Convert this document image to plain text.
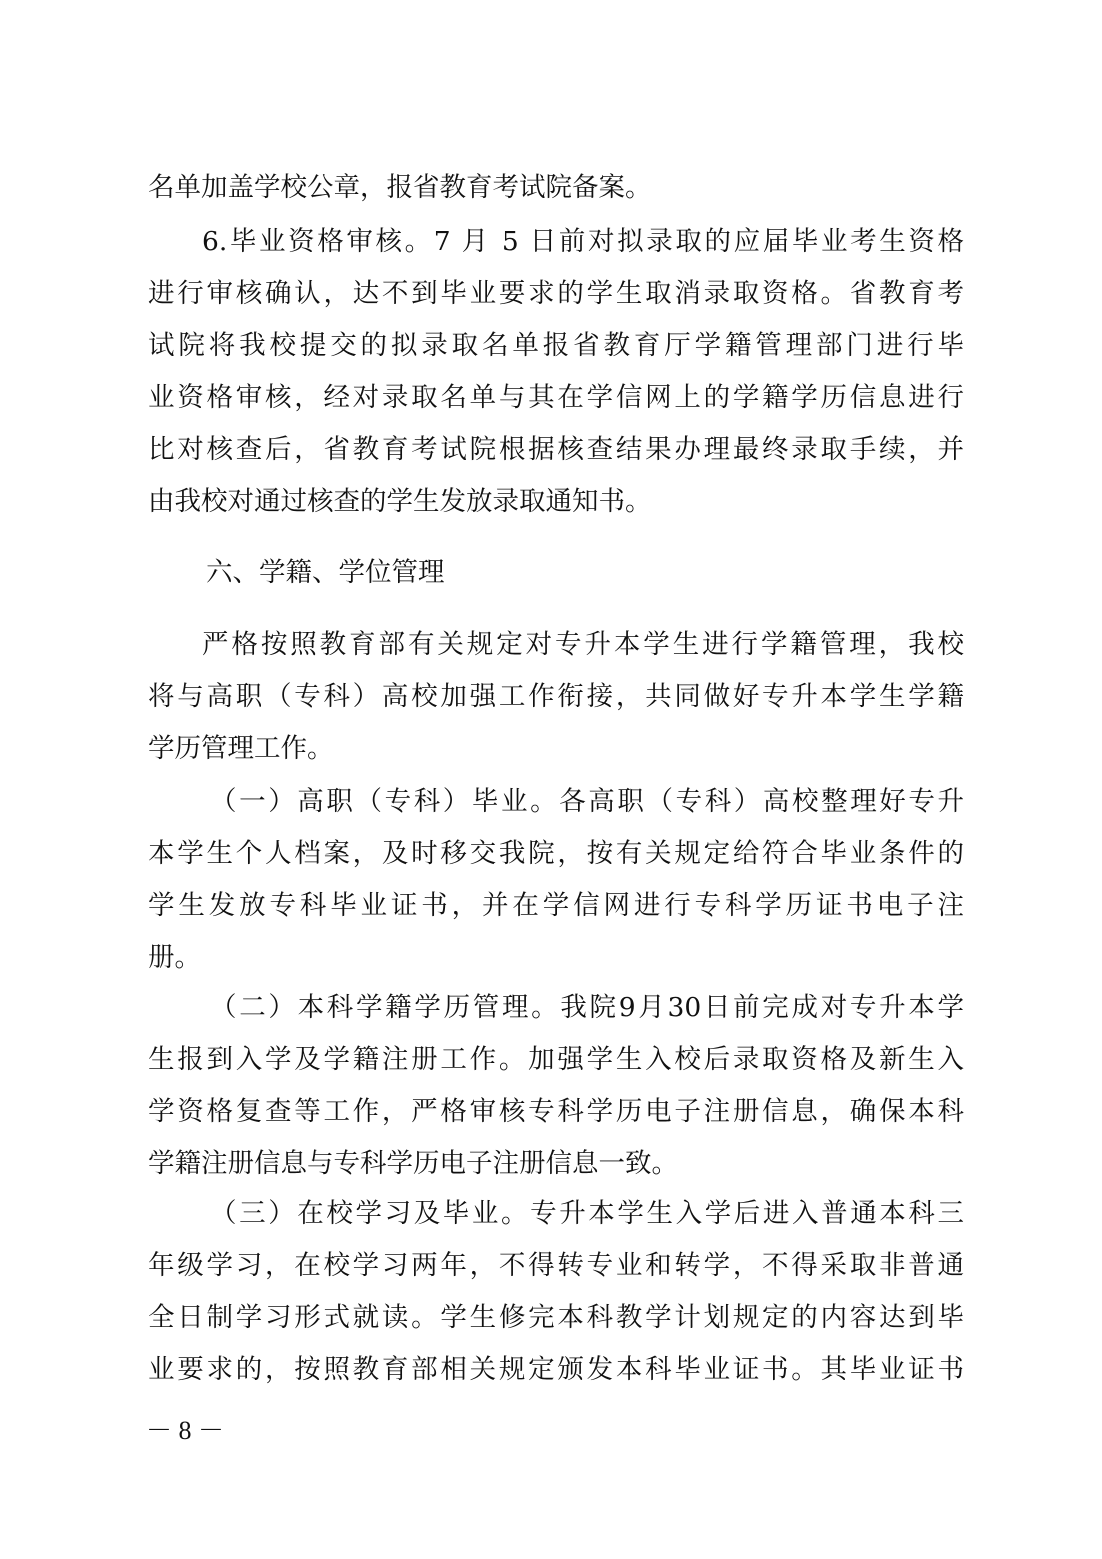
名单加盖学校公章，报省教育考试院备案。
6.毕业资格审核。7 月 5 日前对拟录取的应届毕业考生资格
进行审核确认，达不到毕业要求的学生取消录取资格。省教育考
试院将我校提交的拟录取名单报省教育厅学籍管理部门进行毕
业资格审核，经对录取名单与其在学信网上的学籍学历信息进行
比对核查后，省教育考试院根据核查结果办理最终录取手续，并
由我校对通过核查的学生发放录取通知书。
六、学籍、学位管理
严格按照教育部有关规定对专升本学生进行学籍管理，我校
将与高职（专科）高校加强工作衔接，共同做好专升本学生学籍
学历管理工作。
（一）高职（专科）毕业。各高职（专科）高校整理好专升
本学生个人档案，及时移交我院，按有关规定给符合毕业条件的
学生发放专科毕业证书，并在学信网进行专科学历证书电子注
册。
（二）本科学籍学历管理。我院9月30日前完成对专升本学
生报到入学及学籍注册工作。加强学生入校后录取资格及新生入
学资格复查等工作，严格审核专科学历电子注册信息，确保本科
学籍注册信息与专科学历电子注册信息一致。
（三）在校学习及毕业。专升本学生入学后进入普通本科三
年级学习，在校学习两年，不得转专业和转学，不得采取非普通
全日制学习形式就读。学生修完本科教学计划规定的内容达到毕
业要求的，按照教育部相关规定颁发本科毕业证书。其毕业证书
－ 8 －
